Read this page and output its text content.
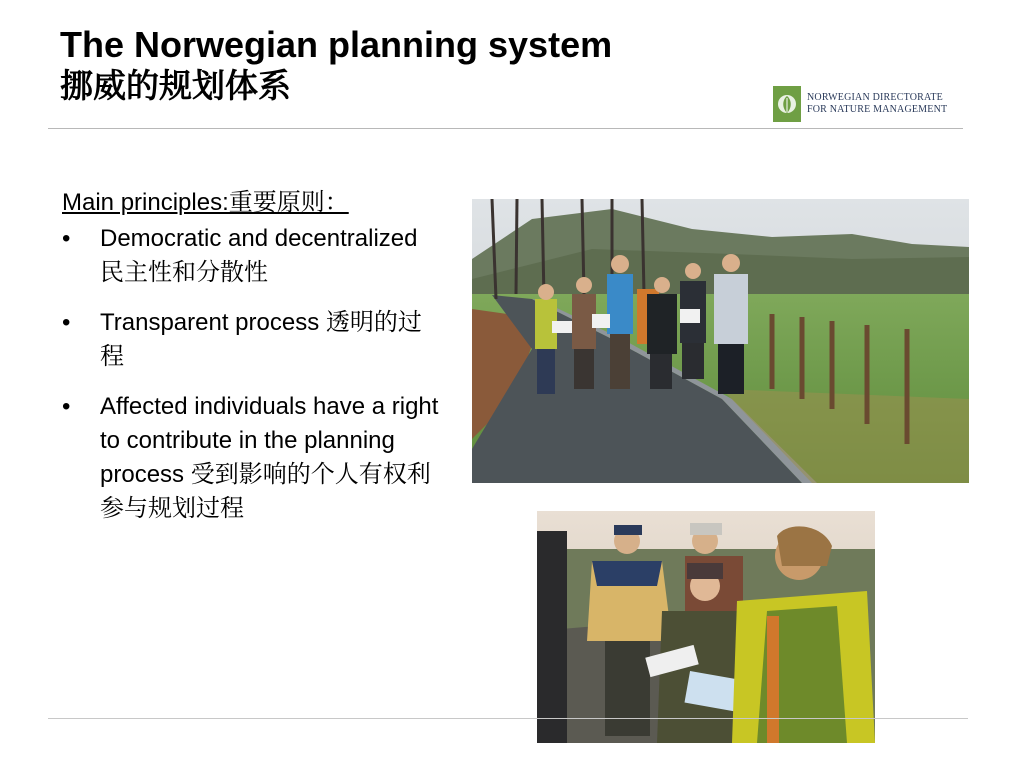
The Norwegian planning system
挪威的规划体系	NORWEGIAN DIRECTORATE
FOR NATURE MANAGEMENT
Main principles:重要原则：
• Democratic and decentralized 民主性和分散性
• Transparent process 透明的过程
• Affected individuals have a right to contribute in the planning process 受到影响的个人有权利参与规划过程
